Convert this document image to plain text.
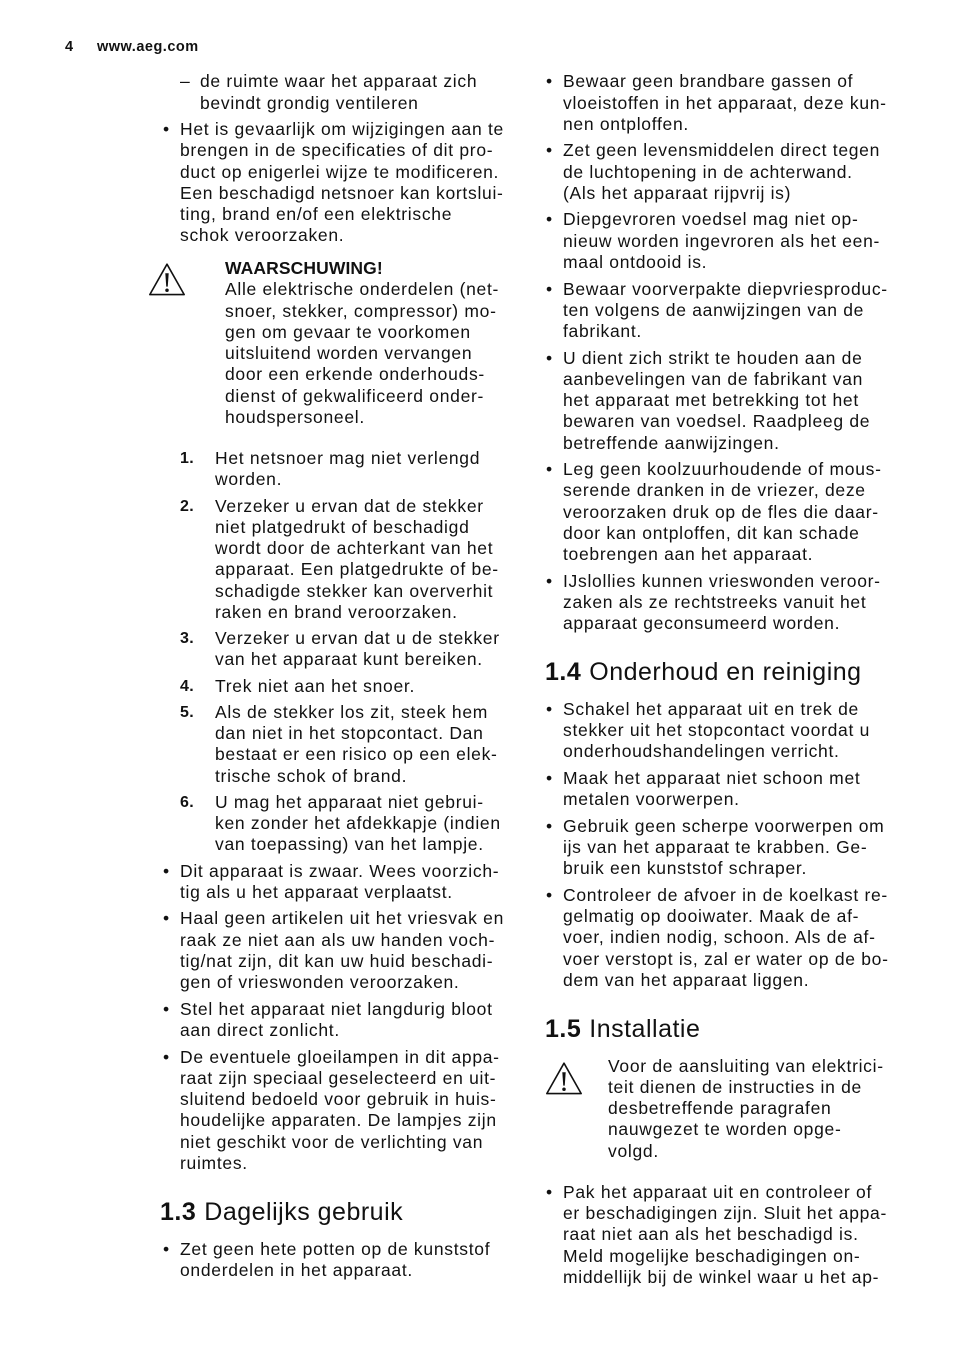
4 www.aeg.com
– de ruimte waar het apparaat zich
bevindt grondig ventileren
• Het is gevaarlijk om wijzigingen aan te
brengen in de specificaties of dit pro-
duct op enigerlei wijze te modificeren.
Een beschadigd netsnoer kan kortslui-
ting, brand en/of een elektrische
schok veroorzaken.
WAARSCHUWING!
Alle elektrische onderdelen (net-
snoer, stekker, compressor) mo-
gen om gevaar te voorkomen
uitsluitend worden vervangen
door een erkende onderhouds-
dienst of gekwalificeerd onder-
houdspersoneel.
1. Het netsnoer mag niet verlengd
worden.
2. Verzeker u ervan dat de stekker
niet platgedrukt of beschadigd
wordt door de achterkant van het
apparaat. Een platgedrukte of be-
schadigde stekker kan oververhit
raken en brand veroorzaken.
3. Verzeker u ervan dat u de stekker
van het apparaat kunt bereiken.
4. Trek niet aan het snoer.
5. Als de stekker los zit, steek hem
dan niet in het stopcontact. Dan
bestaat er een risico op een elek-
trische schok of brand.
6. U mag het apparaat niet gebrui-
ken zonder het afdekkapje (indien
van toepassing) van het lampje.
• Dit apparaat is zwaar. Wees voorzich-
tig als u het apparaat verplaatst.
• Haal geen artikelen uit het vriesvak en
raak ze niet aan als uw handen voch-
tig/nat zijn, dit kan uw huid beschadi-
gen of vrieswonden veroorzaken.
• Stel het apparaat niet langdurig bloot
aan direct zonlicht.
• De eventuele gloeilampen in dit appa-
raat zijn speciaal geselecteerd en uit-
sluitend bedoeld voor gebruik in huis-
houdelijke apparaten. De lampjes zijn
niet geschikt voor de verlichting van
ruimtes.
1.3 Dagelijks gebruik
• Zet geen hete potten op de kunststof
onderdelen in het apparaat.
• Bewaar geen brandbare gassen of
vloeistoffen in het apparaat, deze kun-
nen ontploffen.
• Zet geen levensmiddelen direct tegen
de luchtopening in de achterwand.
(Als het apparaat rijpvrij is)
• Diepgevroren voedsel mag niet op-
nieuw worden ingevroren als het een-
maal ontdooid is.
• Bewaar voorverpakte diepvriesproduc-
ten volgens de aanwijzingen van de
fabrikant.
• U dient zich strikt te houden aan de
aanbevelingen van de fabrikant van
het apparaat met betrekking tot het
bewaren van voedsel. Raadpleeg de
betreffende aanwijzingen.
• Leg geen koolzuurhoudende of mous-
serende dranken in de vriezer, deze
veroorzaken druk op de fles die daar-
door kan ontploffen, dit kan schade
toebrengen aan het apparaat.
• IJslollies kunnen vrieswonden veroor-
zaken als ze rechtstreeks vanuit het
apparaat geconsumeerd worden.
1.4 Onderhoud en reiniging
• Schakel het apparaat uit en trek de
stekker uit het stopcontact voordat u
onderhoudshandelingen verricht.
• Maak het apparaat niet schoon met
metalen voorwerpen.
• Gebruik geen scherpe voorwerpen om
ijs van het apparaat te krabben. Ge-
bruik een kunststof schraper.
• Controleer de afvoer in de koelkast re-
gelmatig op dooiwater. Maak de af-
voer, indien nodig, schoon. Als de af-
voer verstopt is, zal er water op de bo-
dem van het apparaat liggen.
1.5 Installatie
Voor de aansluiting van elektrici-
teit dienen de instructies in de
desbetreffende paragrafen
nauwgezet te worden opge-
volgd.
• Pak het apparaat uit en controleer of
er beschadigingen zijn. Sluit het appa-
raat niet aan als het beschadigd is.
Meld mogelijke beschadigingen on-
middellijk bij de winkel waar u het ap-
